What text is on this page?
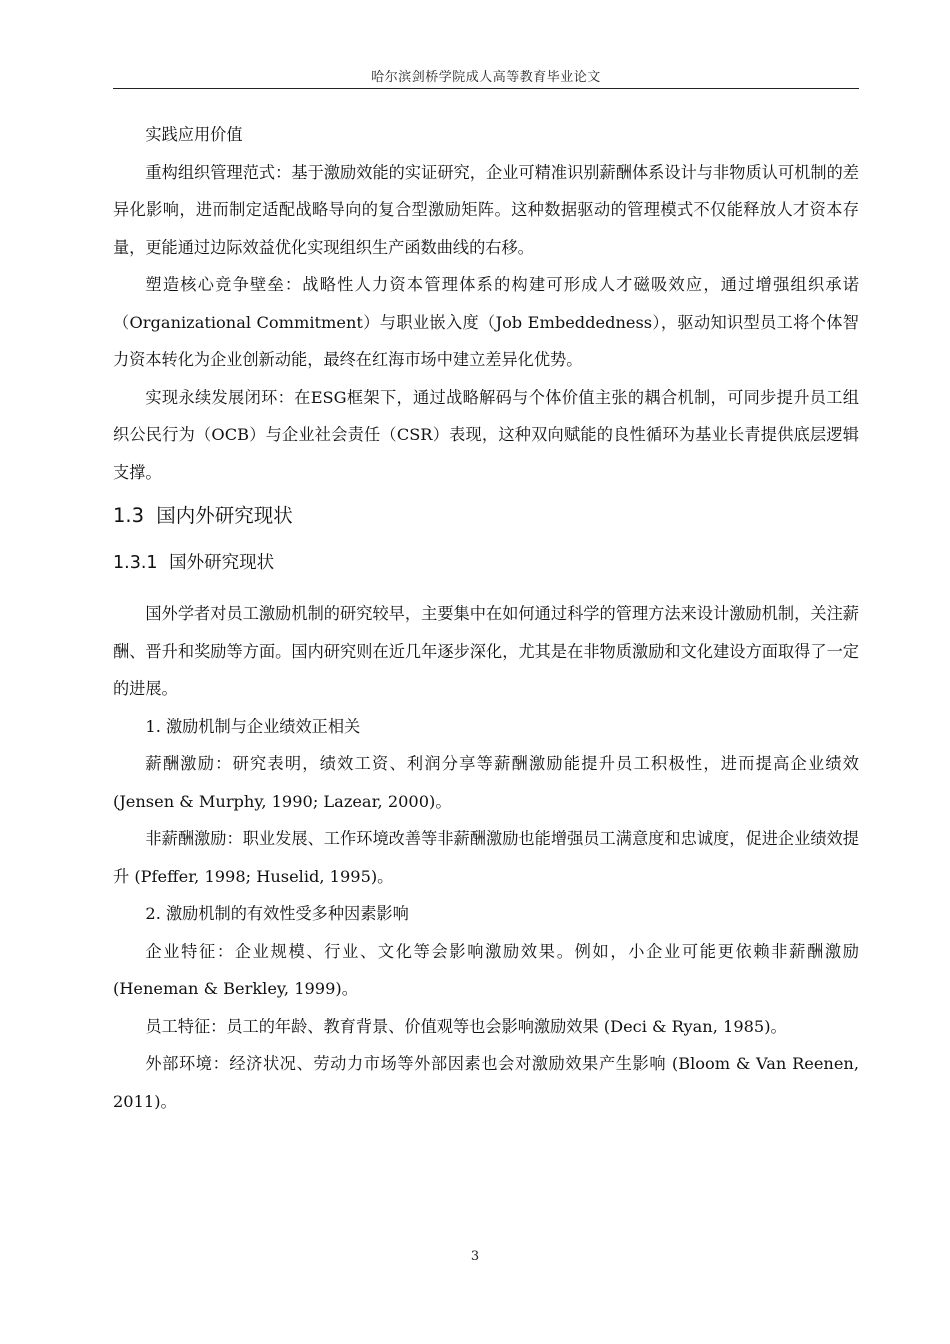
哈尔滨剑桥学院成人高等教育毕业论文

实践应用价值

重构组织管理范式：基于激励效能的实证研究，企业可精准识别薪酬体系设计与非物质认可机制的差异化影响，进而制定适配战略导向的复合型激励矩阵。这种数据驱动的管理模式不仅能释放人才资本存量，更能通过边际效益优化实现组织生产函数曲线的右移。

塑造核心竞争壁垒：战略性人力资本管理体系的构建可形成人才磁吸效应，通过增强组织承诺（Organizational Commitment）与职业嵌入度（Job Embeddedness），驱动知识型员工将个体智力资本转化为企业创新动能，最终在红海市场中建立差异化优势。

实现永续发展闭环：在ESG框架下，通过战略解码与个体价值主张的耦合机制，可同步提升员工组织公民行为（OCB）与企业社会责任（CSR）表现，这种双向赋能的良性循环为基业长青提供底层逻辑支撑。

1.3 国内外研究现状
1.3.1 国外研究现状

国外学者对员工激励机制的研究较早，主要集中在如何通过科学的管理方法来设计激励机制，关注薪酬、晋升和奖励等方面。国内研究则在近几年逐步深化，尤其是在非物质激励和文化建设方面取得了一定的进展。

1. 激励机制与企业绩效正相关

薪酬激励：研究表明，绩效工资、利润分享等薪酬激励能提升员工积极性，进而提高企业绩效 (Jensen & Murphy, 1990; Lazear, 2000)。

非薪酬激励：职业发展、工作环境改善等非薪酬激励也能增强员工满意度和忠诚度，促进企业绩效提升 (Pfeffer, 1998; Huselid, 1995)。

2. 激励机制的有效性受多种因素影响

企业特征：企业规模、行业、文化等会影响激励效果。例如，小企业可能更依赖非薪酬激励 (Heneman & Berkley, 1999)。

员工特征：员工的年龄、教育背景、价值观等也会影响激励效果 (Deci & Ryan, 1985)。

外部环境：经济状况、劳动力市场等外部因素也会对激励效果产生影响 (Bloom & Van Reenen, 2011)。

3
